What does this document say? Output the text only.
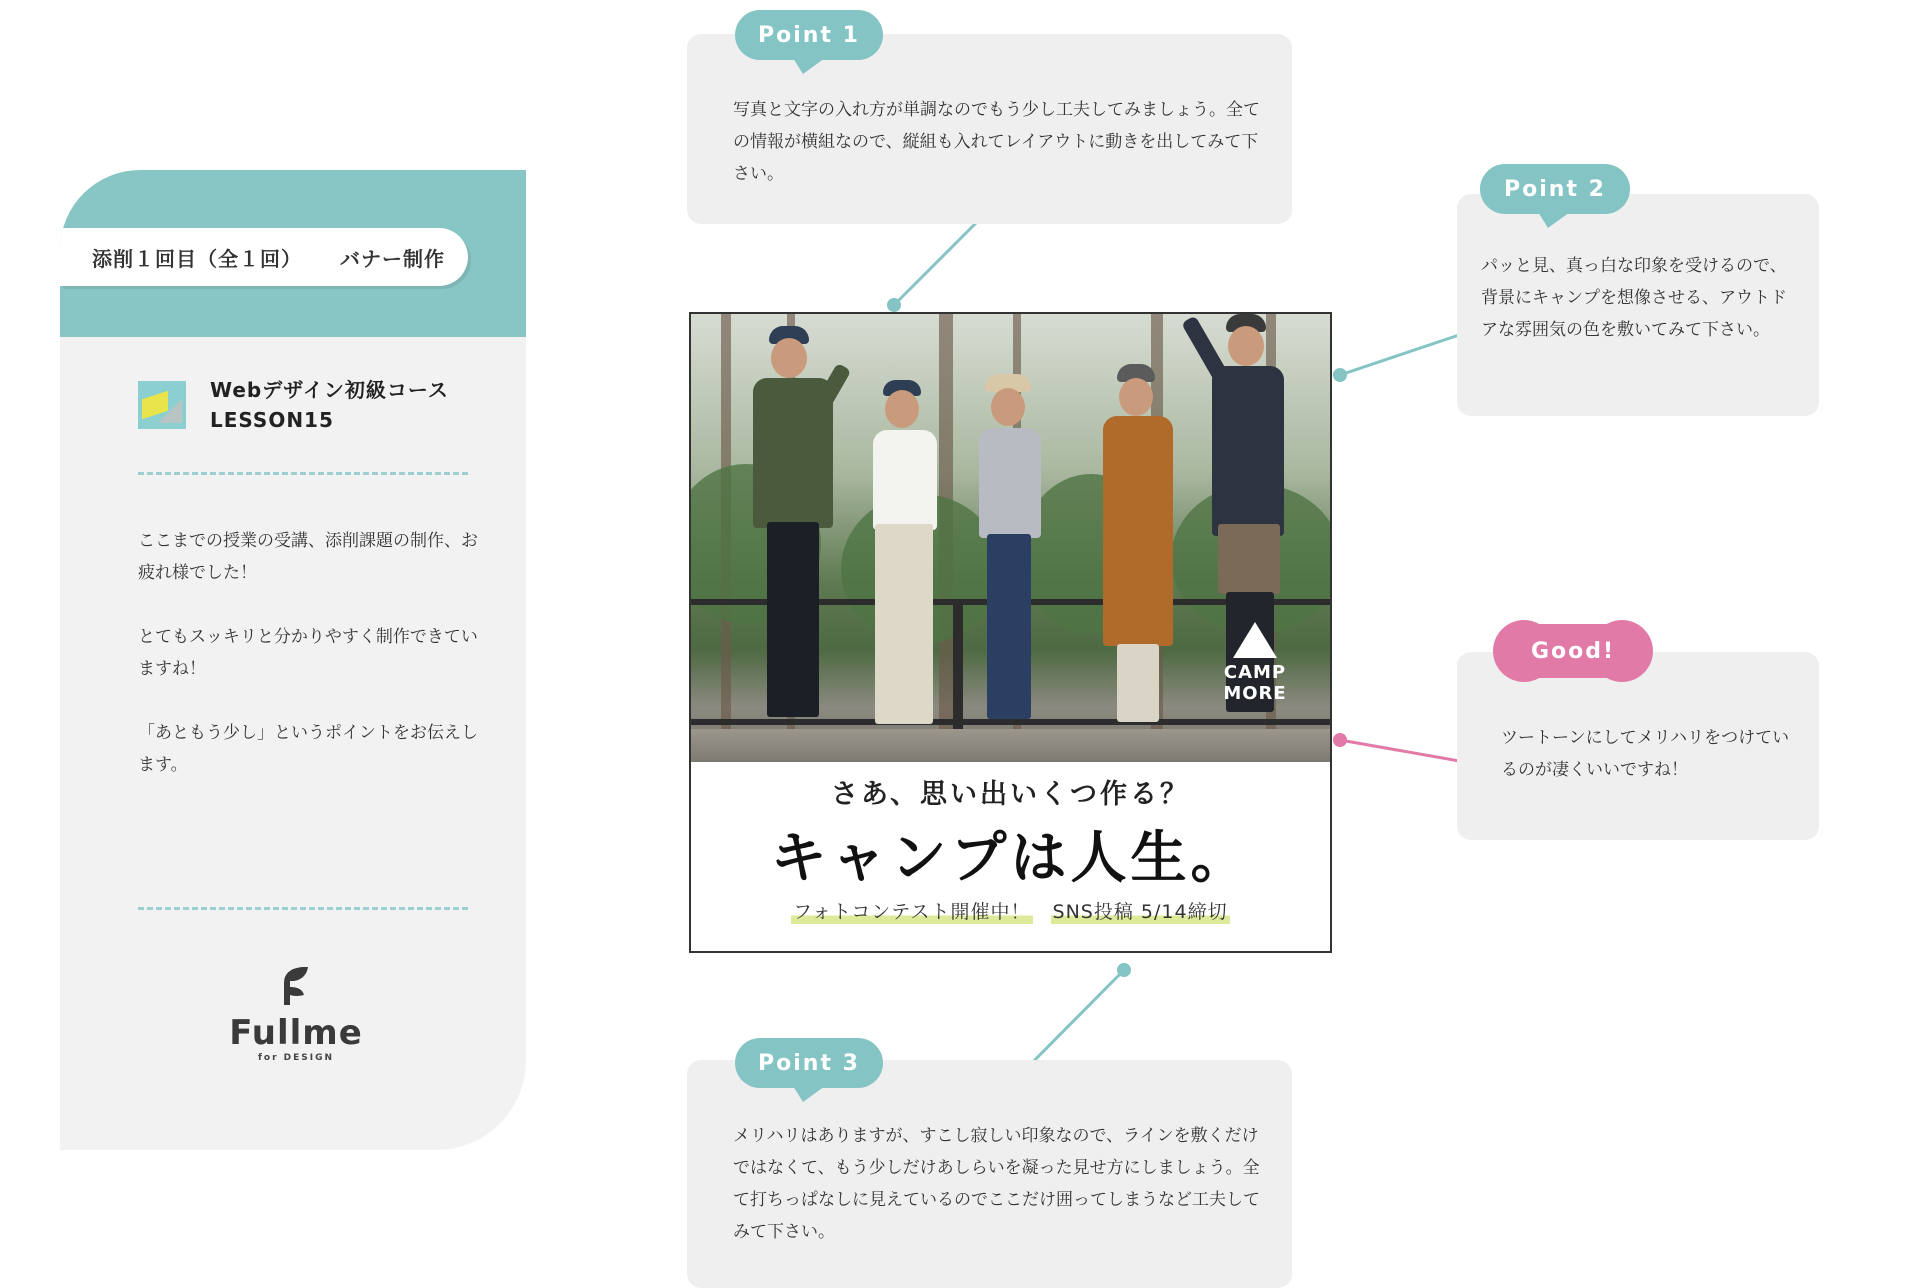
添削１回目（全１回） バナー制作
Webデザイン初級コース
LESSON15

ここまでの授業の受講、添削課題の制作、お疲れ様でした！

とてもスッキリと分かりやすく制作できていますね！

「あともう少し」というポイントをお伝えします。

Fullme
for DESIGN
写真と文字の入れ方が単調なのでもう少し工夫してみましょう。全ての情報が横組なので、縦組も入れてレイアウトに動きを出してみて下さい。
Point 1
パッと見、真っ白な印象を受けるので、背景にキャンプを想像させる、アウトドアな雰囲気の色を敷いてみて下さい。
Point 2
ツートーンにしてメリハリをつけているのが凄くいいですね！
Good!
メリハリはありますが、すこし寂しい印象なので、ラインを敷くだけではなくて、もう少しだけあしらいを凝った見せ方にしましょう。全て打ちっぱなしに見えているのでここだけ囲ってしまうなど工夫してみて下さい。
Point 3
CAMP
MORE
さあ、思い出いくつ作る？
キャンプは人生。
フォトコンテスト開催中！ SNS投稿 5/14締切
